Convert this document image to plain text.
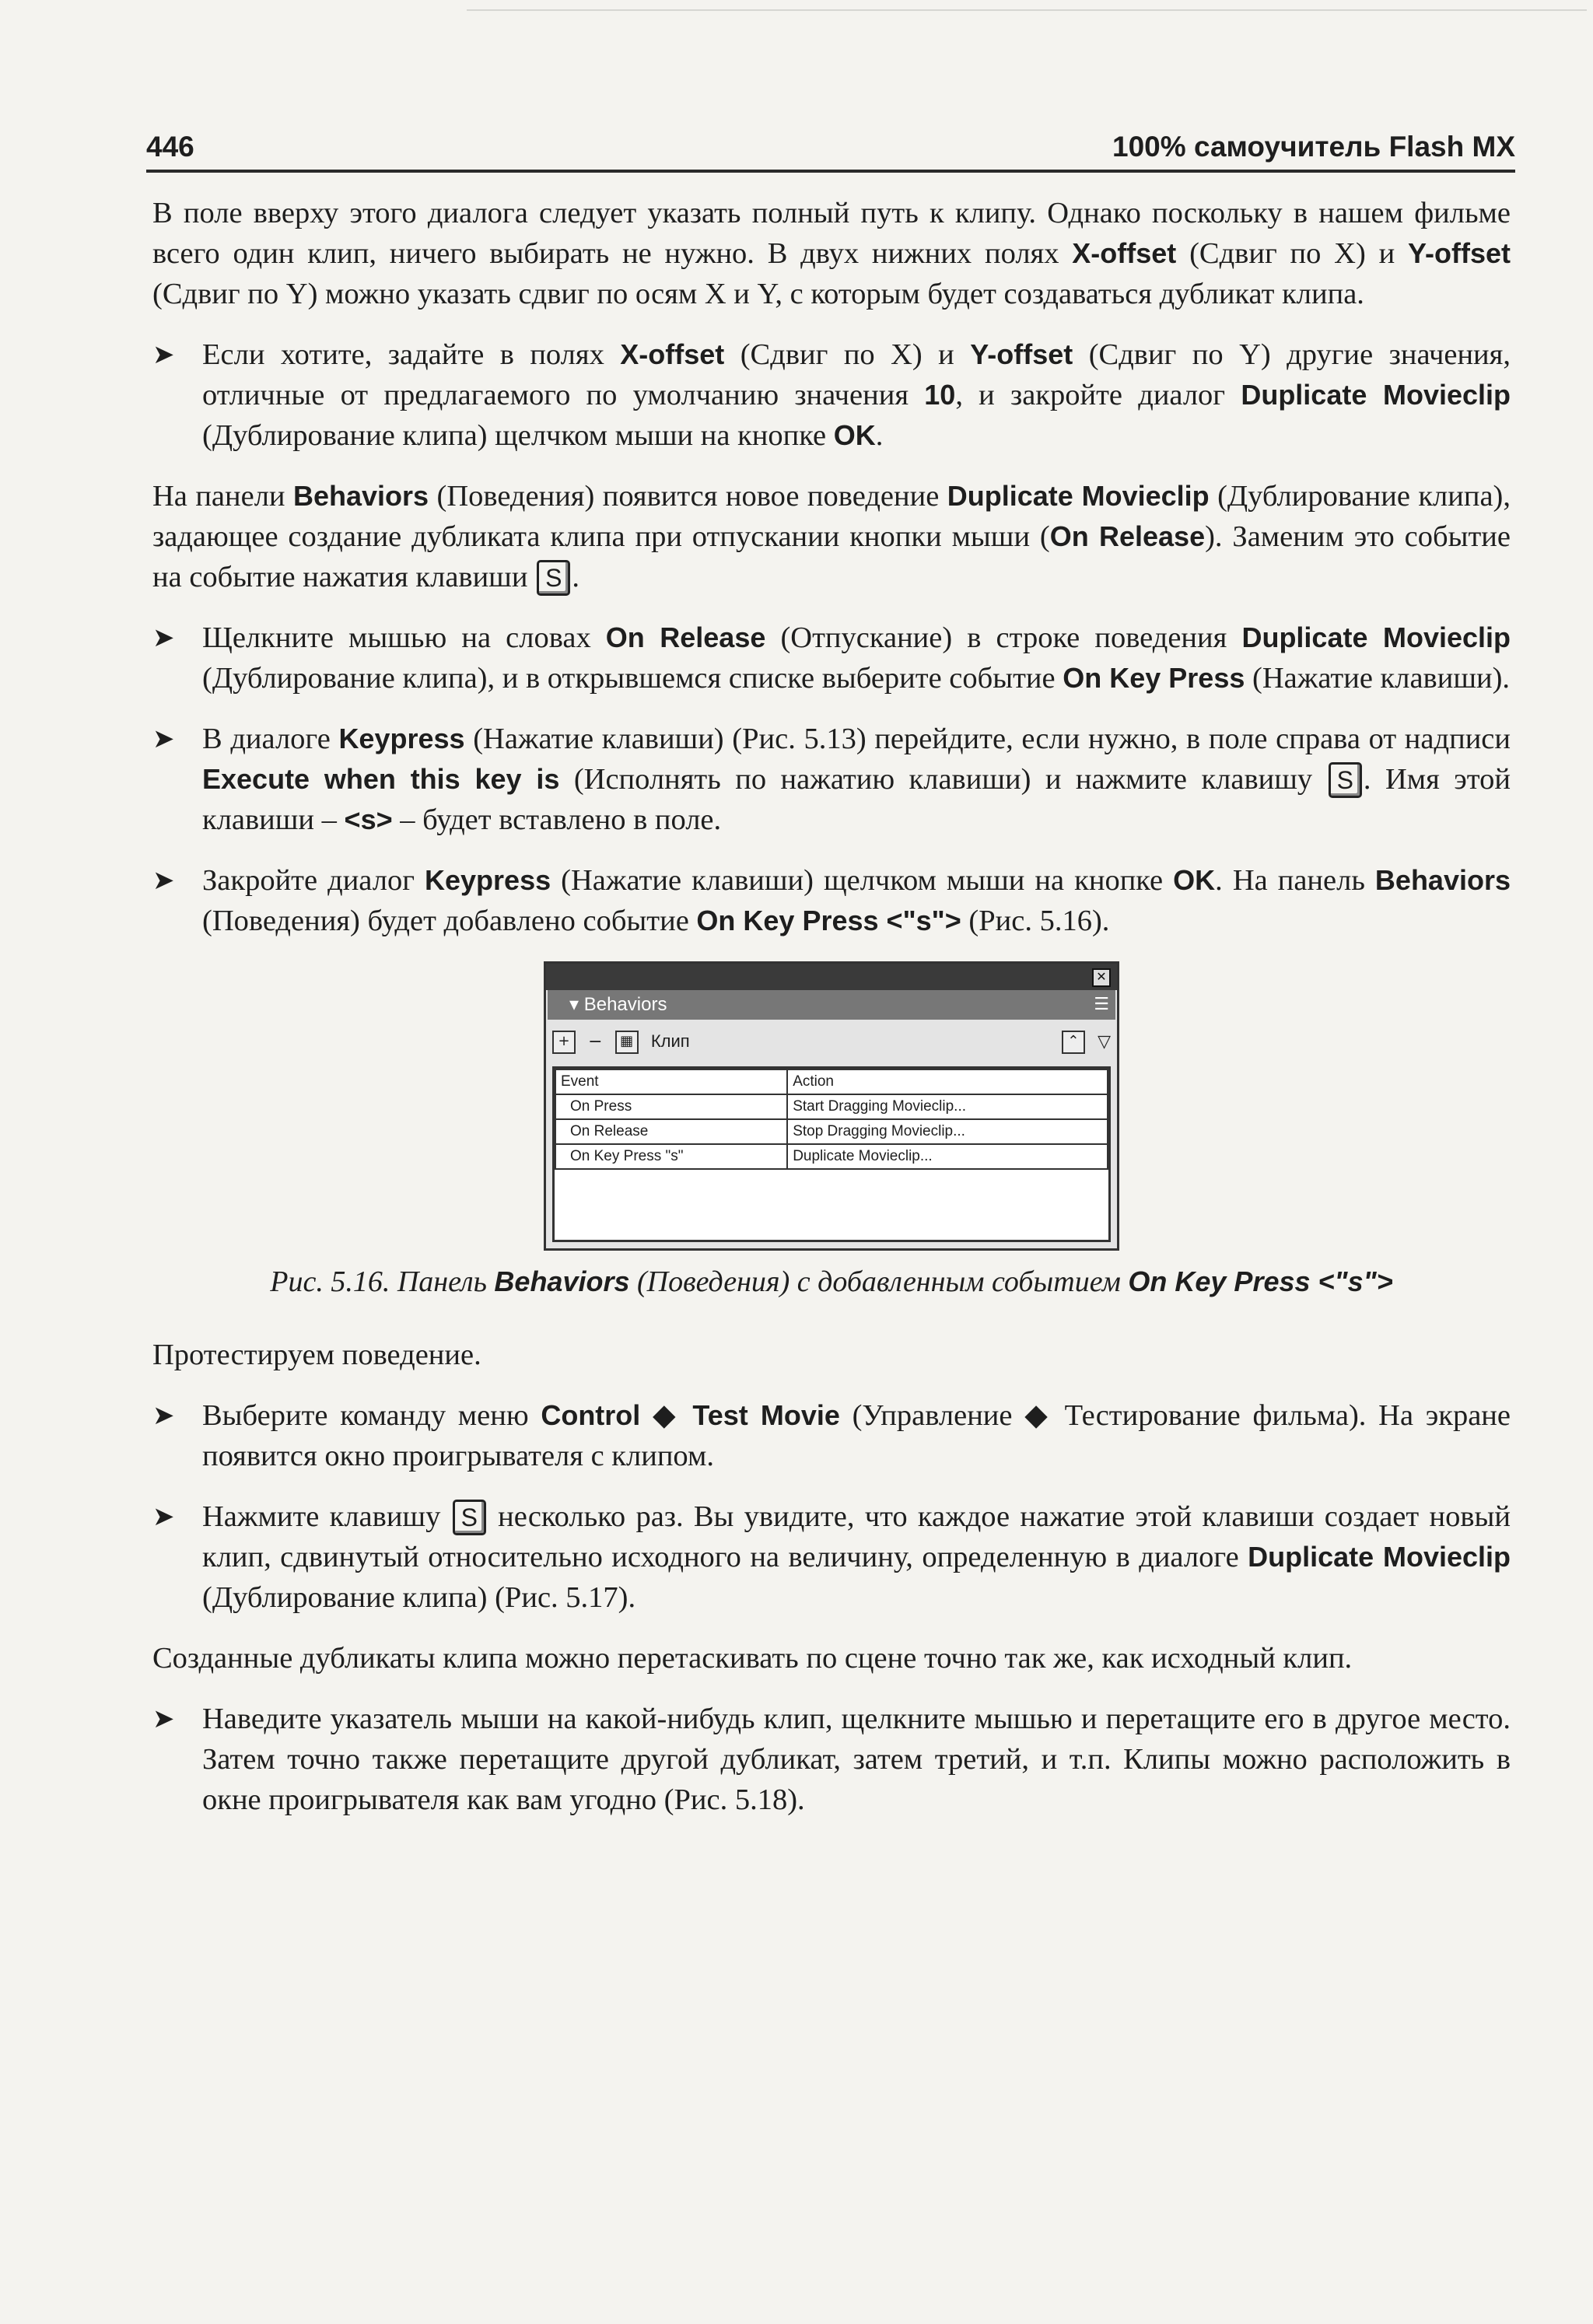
446	100% самоучитель Flash MX

В поле вверху этого диалога следует указать полный путь к клипу. Однако поскольку в нашем фильме всего один клип, ничего выбирать не нужно. В двух нижних полях X-offset (Сдвиг по X) и Y-offset (Сдвиг по Y) можно указать сдвиг по осям X и Y, с которым будет создаваться дубликат клипа.

➤ Если хотите, задайте в полях X-offset (Сдвиг по X) и Y-offset (Сдвиг по Y) другие значения, отличные от предлагаемого по умолчанию значения 10, и закройте диалог Duplicate Movieclip (Дублирование клипа) щелчком мыши на кнопке OK.

На панели Behaviors (Поведения) появится новое поведение Duplicate Movieclip (Дублирование клипа), задающее создание дубликата клипа при отпускании кнопки мыши (On Release). Заменим это событие на событие нажатия клавиши S .

➤ Щелкните мышью на словах On Release (Отпускание) в строке поведения Duplicate Movieclip (Дублирование клипа), и в открывшемся списке выберите событие On Key Press (Нажатие клавиши).
➤ В диалоге Keypress (Нажатие клавиши) (Рис. 5.13) перейдите, если нужно, в поле справа от надписи Execute when this key is (Исполнять по нажатию клавиши) и нажмите клавишу S . Имя этой клавиши – <s> – будет вставлено в поле.
➤ Закройте диалог Keypress (Нажатие клавиши) щелчком мыши на кнопке OK. На панель Behaviors (Поведения) будет добавлено событие On Key Press <"s"> (Рис. 5.16).
✕
▾ Behaviors	☰
+ − ▦ Клип	⌃ ▽
Event	Action
On Press	Start Dragging Movieclip...
On Release	Stop Dragging Movieclip...
On Key Press "s"	Duplicate Movieclip...
Рис. 5.16. Панель Behaviors (Поведения) с добавленным событием On Key Press <"s">

Протестируем поведение.

➤ Выберите команду меню Control ◆ Test Movie (Управление ◆ Тестирование фильма). На экране появится окно проигрывателя с клипом.
➤ Нажмите клавишу S несколько раз. Вы увидите, что каждое нажатие этой клавиши создает новый клип, сдвинутый относительно исходного на величину, определенную в диалоге Duplicate Movieclip (Дублирование клипа) (Рис. 5.17).

Созданные дубликаты клипа можно перетаскивать по сцене точно так же, как исходный клип.

➤ Наведите указатель мыши на какой-нибудь клип, щелкните мышью и перетащите его в другое место. Затем точно также перетащите другой дубликат, затем третий, и т.п. Клипы можно расположить в окне проигрывателя как вам угодно (Рис. 5.18).
